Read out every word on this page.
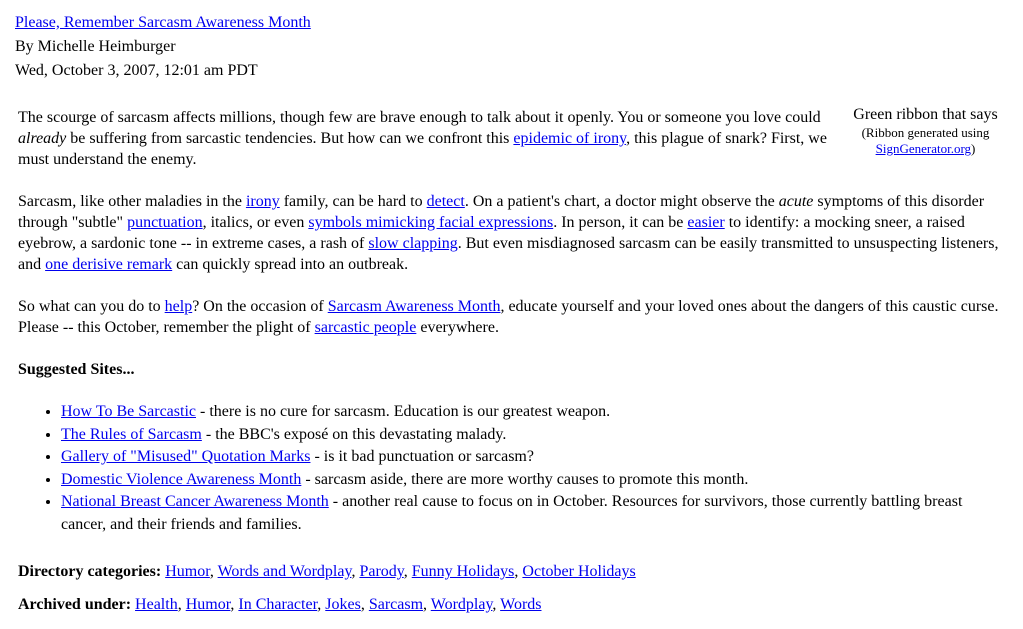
Please, Remember Sarcasm Awareness Month
By Michelle Heimburger
Wed, October 3, 2007, 12:01 am PDT
Green ribbon that says
(Ribbon generated using
SignGenerator.org)

The scourge of sarcasm affects millions, though few are brave enough to talk about it openly. You or someone you love could already be suffering from sarcastic tendencies. But how can we confront this epidemic of irony, this plague of snark? First, we must understand the enemy.

Sarcasm, like other maladies in the irony family, can be hard to detect. On a patient's chart, a doctor might observe the acute symptoms of this disorder through "subtle" punctuation, italics, or even symbols mimicking facial expressions. In person, it can be easier to identify: a mocking sneer, a raised eyebrow, a sardonic tone -- in extreme cases, a rash of slow clapping. But even misdiagnosed sarcasm can be easily transmitted to unsuspecting listeners, and one derisive remark can quickly spread into an outbreak.

So what can you do to help? On the occasion of Sarcasm Awareness Month, educate yourself and your loved ones about the dangers of this caustic curse. Please -- this October, remember the plight of sarcastic people everywhere.

Suggested Sites...
• How To Be Sarcastic - there is no cure for sarcasm. Education is our greatest weapon.
• The Rules of Sarcasm - the BBC's exposé on this devastating malady.
• Gallery of "Misused" Quotation Marks - is it bad punctuation or sarcasm?
• Domestic Violence Awareness Month - sarcasm aside, there are more worthy causes to promote this month.
• National Breast Cancer Awareness Month - another real cause to focus on in October. Resources for survivors, those currently battling breast cancer, and their friends and families.
Directory categories: Humor, Words and Wordplay, Parody, Funny Holidays, October Holidays
Archived under: Health, Humor, In Character, Jokes, Sarcasm, Wordplay, Words
